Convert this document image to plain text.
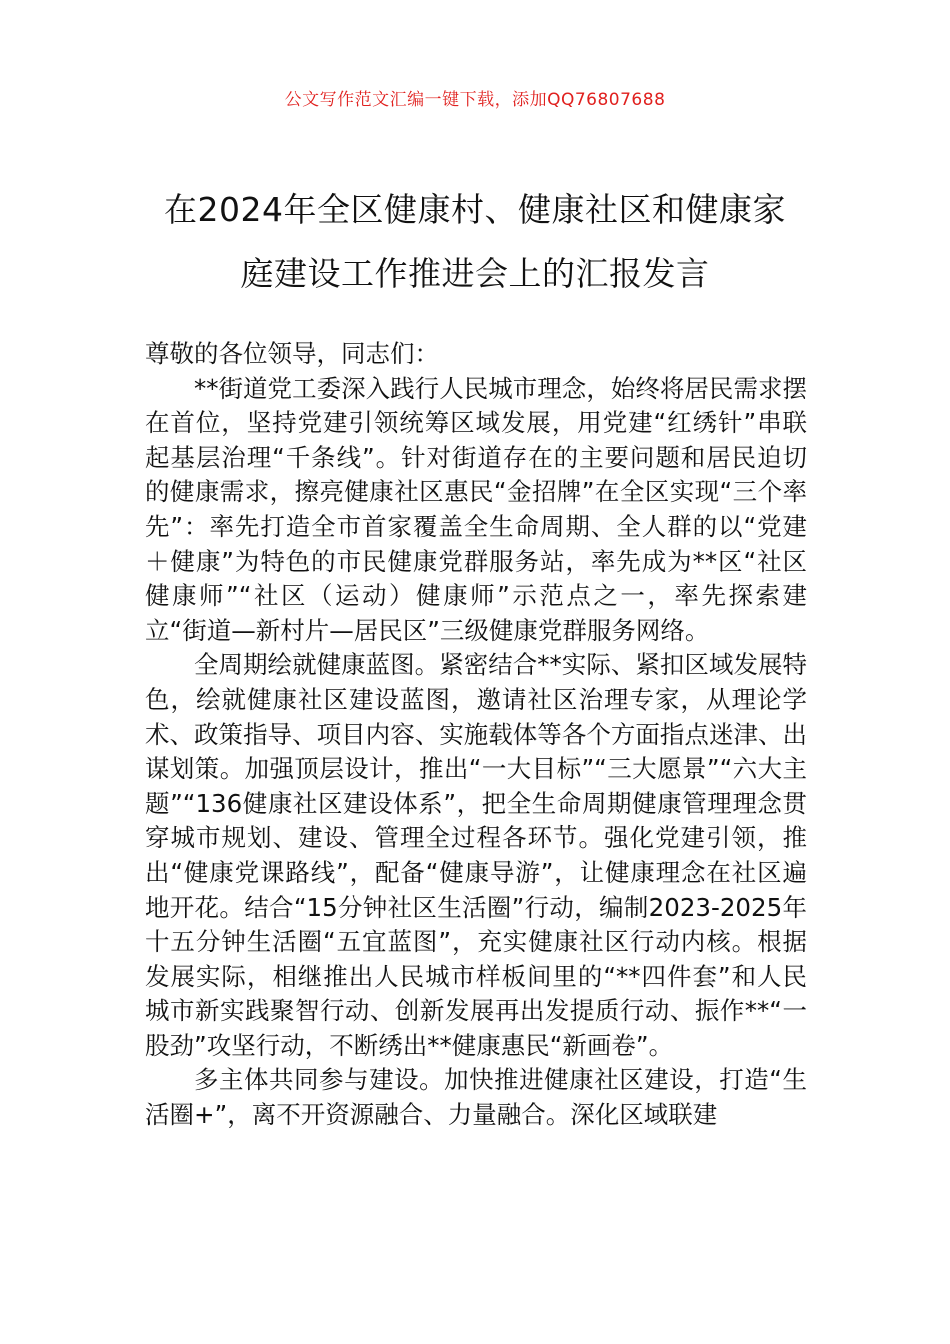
公文写作范文汇编一键下载，添加QQ76807688
在2024年全区健康村、健康社区和健康家
庭建设工作推进会上的汇报发言

尊敬的各位领导，同志们：

**街道党工委深入践行人民城市理念，始终将居民需求摆在首位，坚持党建引领统筹区域发展，用党建“红绣针”串联起基层治理“千条线”。针对街道存在的主要问题和居民迫切的健康需求，擦亮健康社区惠民“金招牌”在全区实现“三个率先”：率先打造全市首家覆盖全生命周期、全人群的以“党建＋健康”为特色的市民健康党群服务站，率先成为**区“社区健康师”“社区（运动）健康师”示范点之一，率先探索建立“街道—新村片—居民区”三级健康党群服务网络。

全周期绘就健康蓝图。紧密结合**实际、紧扣区域发展特色，绘就健康社区建设蓝图，邀请社区治理专家，从理论学术、政策指导、项目内容、实施载体等各个方面指点迷津、出谋划策。加强顶层设计，推出“一大目标”“三大愿景”“六大主题”“136健康社区建设体系”，把全生命周期健康管理理念贯穿城市规划、建设、管理全过程各环节。强化党建引领，推出“健康党课路线”，配备“健康导游”，让健康理念在社区遍地开花。结合“15分钟社区生活圈”行动，编制2023-2025年十五分钟生活圈“五宜蓝图”，充实健康社区行动内核。根据发展实际，相继推出人民城市样板间里的“**四件套”和人民城市新实践聚智行动、创新发展再出发提质行动、振作**“一股劲”攻坚行动，不断绣出**健康惠民“新画卷”。

多主体共同参与建设。加快推进健康社区建设，打造“生活圈+”，离不开资源融合、力量融合。深化区域联建
